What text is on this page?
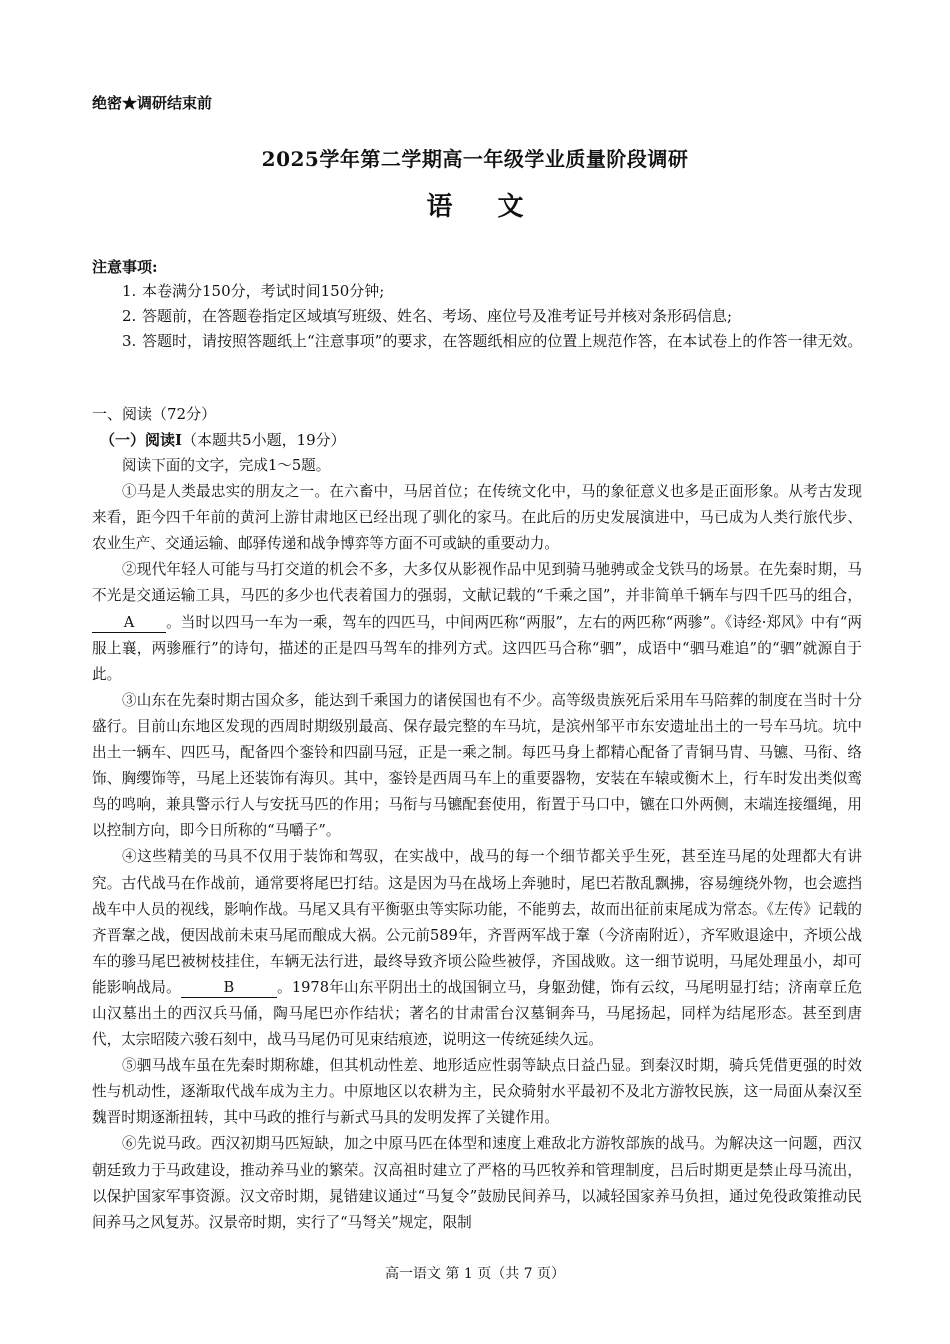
绝密★调研结束前
2025学年第二学期高一年级学业质量阶段调研
语 文
注意事项:
1. 本卷满分150分，考试时间150分钟;
2. 答题前，在答题卷指定区域填写班级、姓名、考场、座位号及准考证号并核对条形码信息;
3. 答题时，请按照答题纸上“注意事项”的要求，在答题纸相应的位置上规范作答，在本试卷上的作答一律无效。
一、阅读（72分）
（一）阅读Ⅰ（本题共5小题，19分）

阅读下面的文字，完成1～5题。

①马是人类最忠实的朋友之一。在六畜中，马居首位；在传统文化中，马的象征意义也多是正面形象。从考古发现来看，距今四千年前的黄河上游甘肃地区已经出现了驯化的家马。在此后的历史发展演进中，马已成为人类行旅代步、农业生产、交通运输、邮驿传递和战争博弈等方面不可或缺的重要动力。

②现代年轻人可能与马打交道的机会不多，大多仅从影视作品中见到骑马驰骋或金戈铁马的场景。在先秦时期，马不光是交通运输工具，马匹的多少也代表着国力的强弱，文献记载的“千乘之国”，并非简单千辆车与四千匹马的组合，A 。当时以四马一车为一乘，驾车的四匹马，中间两匹称“两服”，左右的两匹称“两骖”。《诗经·郑风》中有“两服上襄，两骖雁行”的诗句，描述的正是四马驾车的排列方式。这四匹马合称“驷”，成语中“驷马难追”的“驷”就源自于此。

③山东在先秦时期古国众多，能达到千乘国力的诸侯国也有不少。高等级贵族死后采用车马陪葬的制度在当时十分盛行。目前山东地区发现的西周时期级别最高、保存最完整的车马坑，是滨州邹平市东安遗址出土的一号车马坑。坑中出土一辆车、四匹马，配备四个銮铃和四副马冠，正是一乘之制。每匹马身上都精心配备了青铜马胄、马镳、马衔、络饰、胸缨饰等，马尾上还装饰有海贝。其中，銮铃是西周马车上的重要器物，安装在车辕或衡木上，行车时发出类似鸾鸟的鸣响，兼具警示行人与安抚马匹的作用；马衔与马镳配套使用，衔置于马口中，镳在口外两侧，末端连接缰绳，用以控制方向，即今日所称的“马嚼子”。

④这些精美的马具不仅用于装饰和驾驭，在实战中，战马的每一个细节都关乎生死，甚至连马尾的处理都大有讲究。古代战马在作战前，通常要将尾巴打结。这是因为马在战场上奔驰时，尾巴若散乱飘拂，容易缠绕外物，也会遮挡战车中人员的视线，影响作战。马尾又具有平衡驱虫等实际功能，不能剪去，故而出征前束尾成为常态。《左传》记载的齐晋鞌之战，便因战前未束马尾而酿成大祸。公元前589年，齐晋两军战于鞌（今济南附近），齐军败退途中，齐顷公战车的骖马尾巴被树枝挂住，车辆无法行进，最终导致齐顷公险些被俘，齐国战败。这一细节说明，马尾处理虽小，却可能影响战局。	B	。1978年山东平阴出土的战国铜立马，身躯劲健，饰有云纹，马尾明显打结；济南章丘危山汉墓出土的西汉兵马俑，陶马尾巴亦作结状；著名的甘肃雷台汉墓铜奔马，马尾扬起，同样为结尾形态。甚至到唐代，太宗昭陵六骏石刻中，战马马尾仍可见束结痕迹，说明这一传统延续久远。

⑤驷马战车虽在先秦时期称雄，但其机动性差、地形适应性弱等缺点日益凸显。到秦汉时期，骑兵凭借更强的时效性与机动性，逐渐取代战车成为主力。中原地区以农耕为主，民众骑射水平最初不及北方游牧民族，这一局面从秦汉至魏晋时期逐渐扭转，其中马政的推行与新式马具的发明发挥了关键作用。

⑥先说马政。西汉初期马匹短缺，加之中原马匹在体型和速度上难敌北方游牧部族的战马。为解决这一问题，西汉朝廷致力于马政建设，推动养马业的繁荣。汉高祖时建立了严格的马匹牧养和管理制度，吕后时期更是禁止母马流出，以保护国家军事资源。汉文帝时期，晁错建议通过“马复令”鼓励民间养马，以减轻国家养马负担，通过免役政策推动民间养马之风复苏。汉景帝时期，实行了“马弩关”规定，限制

高一语文 第 1 页（共 7 页）
